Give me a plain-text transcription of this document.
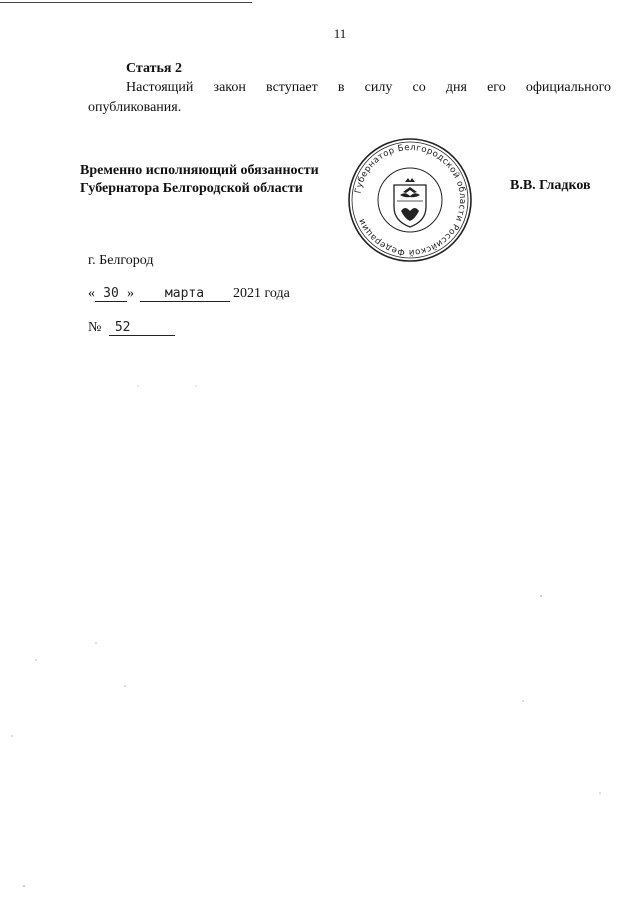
11
Статья 2
Настоящий закон вступает в силу со дня его официального
опубликования.
Временно исполняющий обязанности
Губернатора Белгородской области	Губернатор Белгородской области Российской Федерации
В.В. Гладков
г. Белгород
« 30 » марта 2021 года
№ 52
